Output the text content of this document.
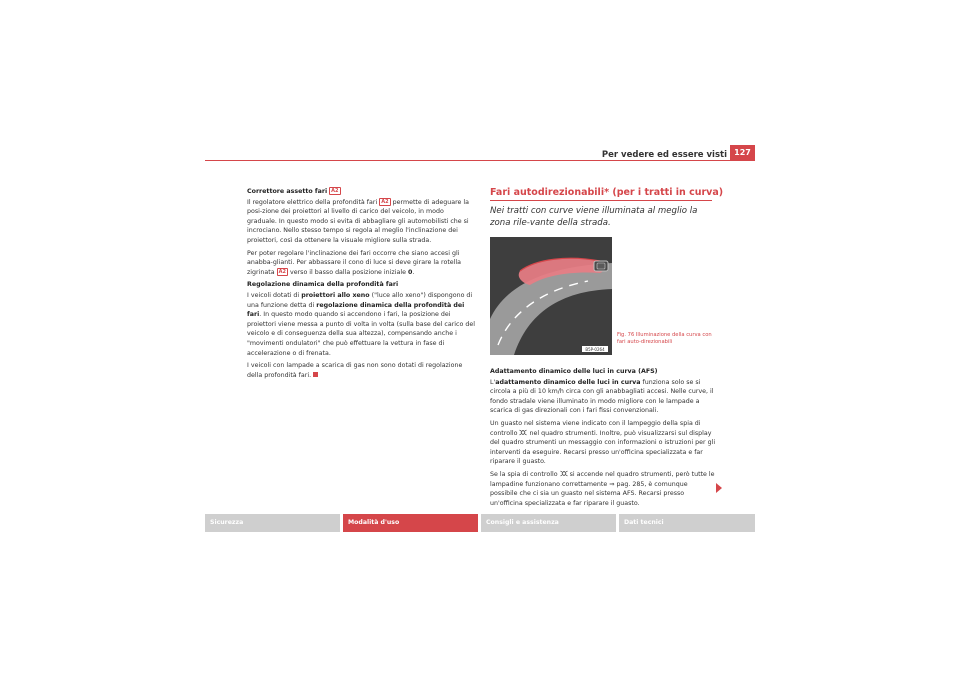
Per vedere ed essere visti 127

Correttore assetto fari A2

Il regolatore elettrico della profondità fari A2 permette di adeguare la posi-zione dei proiettori al livello di carico del veicolo, in modo graduale. In questo modo si evita di abbagliare gli automobilisti che si incrociano. Nello stesso tempo si regola al meglio l'inclinazione dei proiettori, così da ottenere la visuale migliore sulla strada.

Per poter regolare l'inclinazione dei fari occorre che siano accesi gli anabba-glianti. Per abbassare il cono di luce si deve girare la rotella zigrinata A2 verso il basso dalla posizione iniziale 0.

Regolazione dinamica della profondità fari

I veicoli dotati di proiettori allo xeno ("luce allo xeno") dispongono di una funzione detta di regolazione dinamica della profondità dei fari. In questo modo quando si accendono i fari, la posizione dei proiettori viene messa a punto di volta in volta (sulla base del carico del veicolo e di conseguenza della sua altezza), compensando anche i "movimenti ondulatori" che può effettuare la vettura in fase di accelerazione o di frenata.

I veicoli con lampade a scarica di gas non sono dotati di regolazione della profondità fari.

Fari autodirezionabili* (per i tratti in curva)
Nei tratti con curve viene illuminata al meglio la zona rile-vante della strada.
B5P-0264
Fig. 76 Illuminazione della curva con fari auto-direzionabili

Adattamento dinamico delle luci in curva (AFS)

L'adattamento dinamico delle luci in curva funziona solo se si circola a più di 10 km/h circa con gli anabbagliati accesi. Nelle curve, il fondo stradale viene illuminato in modo migliore con le lampade a scarica di gas direzionali con i fari fissi convenzionali.

Un guasto nel sistema viene indicato con il lampeggio della spia di controllo nel quadro strumenti. Inoltre, può visualizzarsi sul display del quadro strumenti un messaggio con informazioni o istruzioni per gli interventi da eseguire. Recarsi presso un'officina specializzata e far riparare il guasto.

Se la spia di controllo si accende nel quadro strumenti, però tutte le lampadine funzionano correttamente ⇒ pag. 285, è comunque possibile che ci sia un guasto nel sistema AFS. Recarsi presso un'officina specializzata e far riparare il guasto.

Sicurezza	Modalità d'uso	Consigli e assistenza	Dati tecnici
